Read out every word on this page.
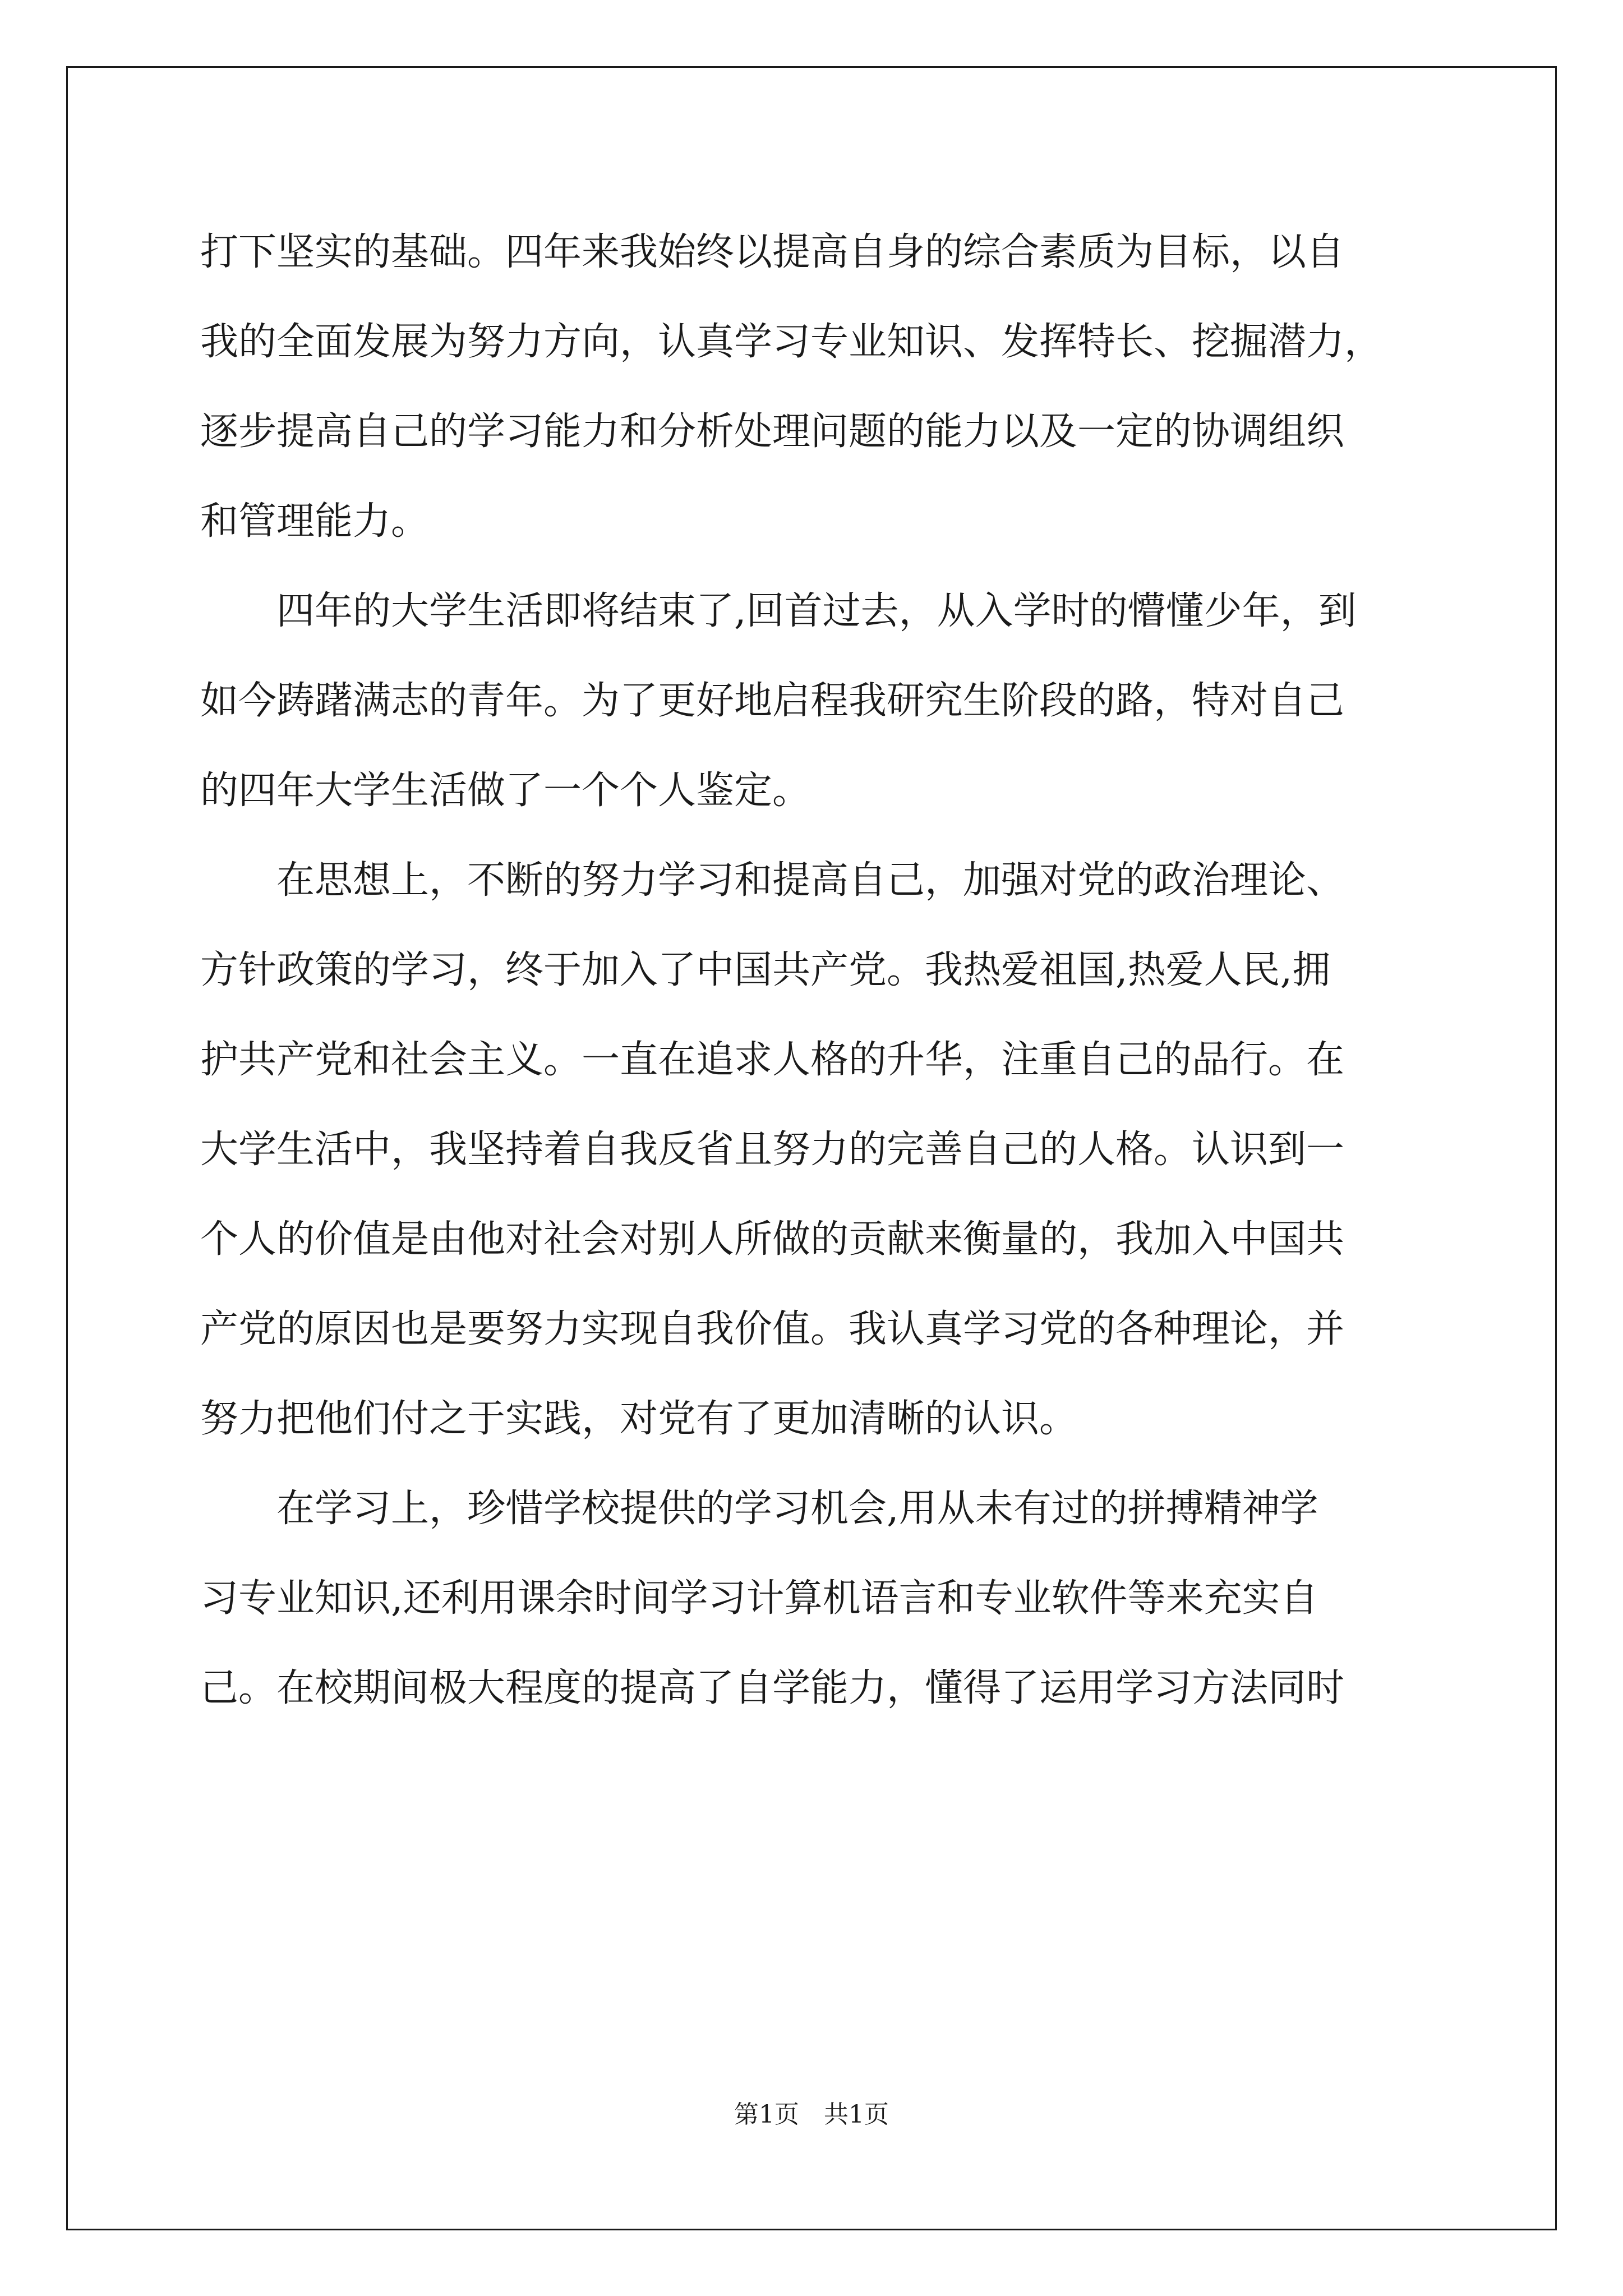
打下坚实的基础。四年来我始终以提高自身的综合素质为目标，以自
我的全面发展为努力方向，认真学习专业知识、发挥特长、挖掘潜力，
逐步提高自己的学习能力和分析处理问题的能力以及一定的协调组织
和管理能力。
四年的大学生活即将结束了,回首过去，从入学时的懵懂少年，到
如今踌躇满志的青年。为了更好地启程我研究生阶段的路，特对自己
的四年大学生活做了一个个人鉴定。
在思想上，不断的努力学习和提高自己，加强对党的政治理论、
方针政策的学习，终于加入了中国共产党。我热爱祖国,热爱人民,拥
护共产党和社会主义。一直在追求人格的升华，注重自己的品行。在
大学生活中，我坚持着自我反省且努力的完善自己的人格。认识到一
个人的价值是由他对社会对别人所做的贡献来衡量的，我加入中国共
产党的原因也是要努力实现自我价值。我认真学习党的各种理论，并
努力把他们付之于实践，对党有了更加清晰的认识。
在学习上，珍惜学校提供的学习机会,用从未有过的拼搏精神学
习专业知识,还利用课余时间学习计算机语言和专业软件等来充实自
己。在校期间极大程度的提高了自学能力，懂得了运用学习方法同时
第1页　共1页
